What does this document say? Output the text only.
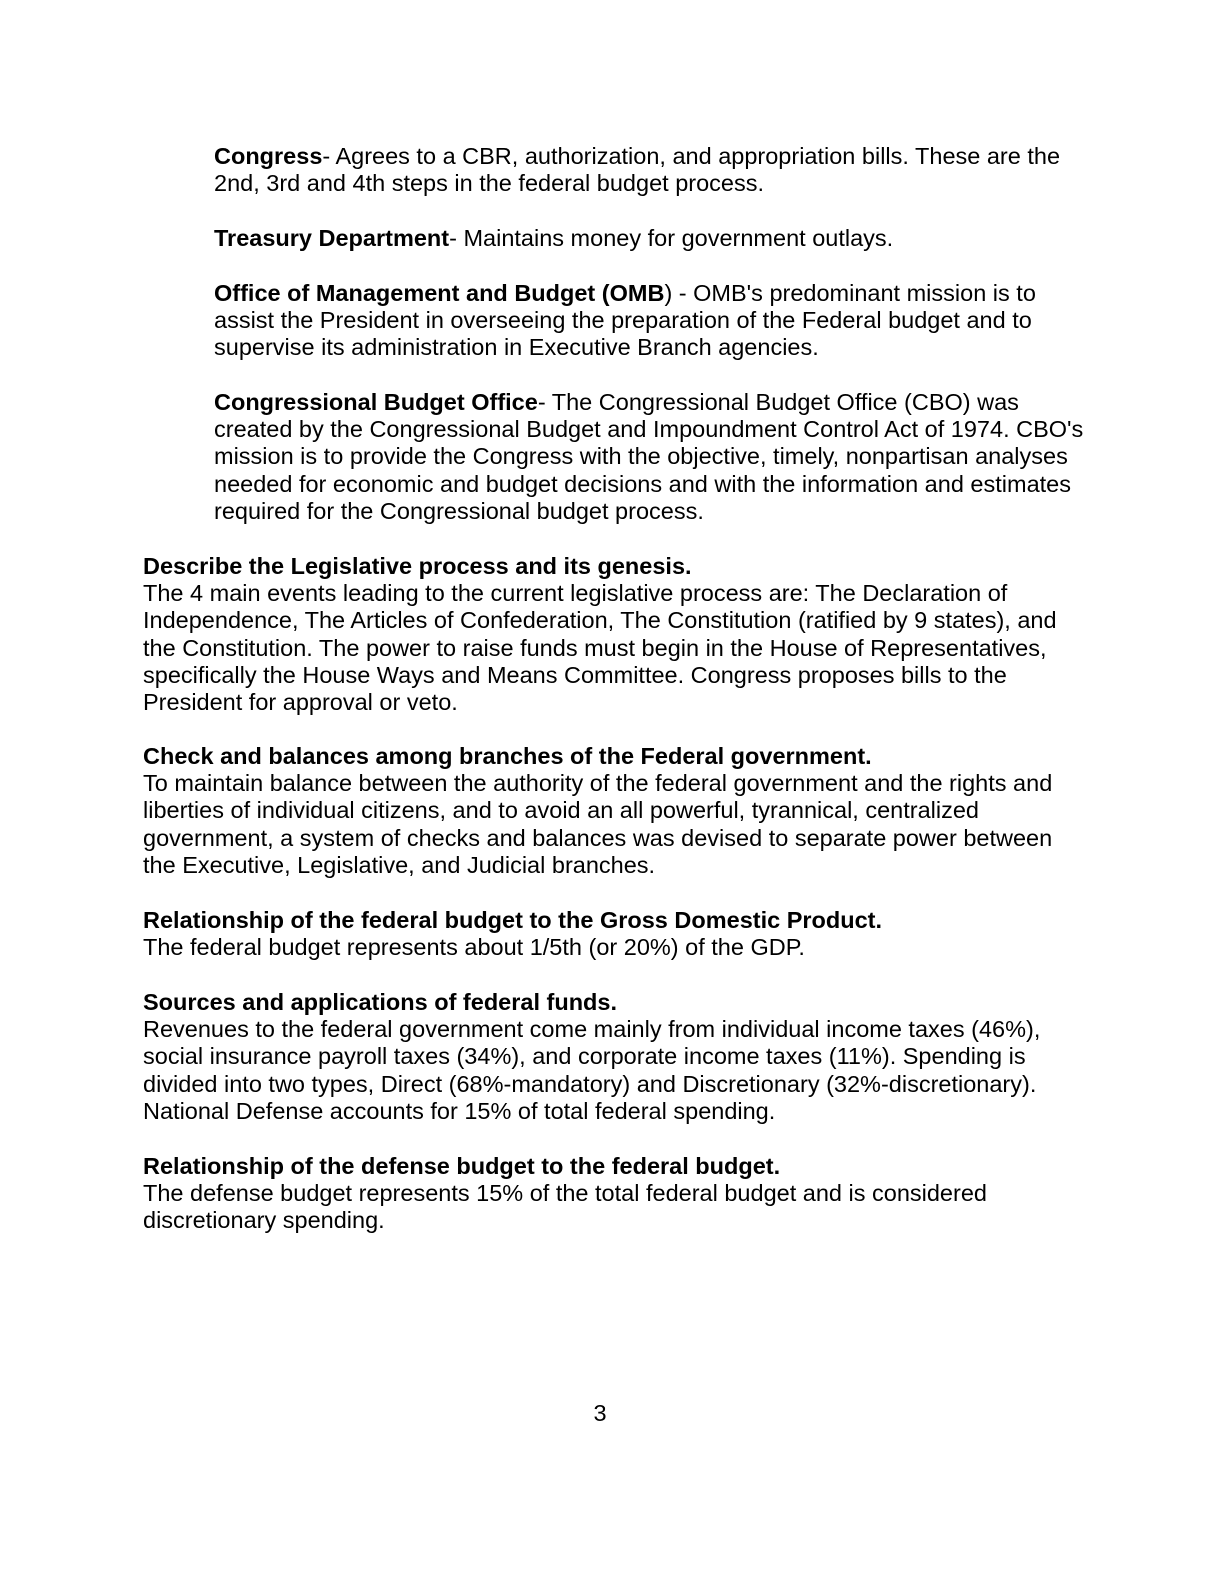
Congress- Agrees to a CBR, authorization, and appropriation bills. These are the 2nd, 3rd and 4th steps in the federal budget process.

Treasury Department- Maintains money for government outlays.

Office of Management and Budget (OMB) - OMB's predominant mission is to assist the President in overseeing the preparation of the Federal budget and to supervise its administration in Executive Branch agencies.

Congressional Budget Office- The Congressional Budget Office (CBO) was created by the Congressional Budget and Impoundment Control Act of 1974. CBO's mission is to provide the Congress with the objective, timely, nonpartisan analyses needed for economic and budget decisions and with the information and estimates required for the Congressional budget process.

Describe the Legislative process and its genesis.
The 4 main events leading to the current legislative process are: The Declaration of Independence, The Articles of Confederation, The Constitution (ratified by 9 states), and the Constitution. The power to raise funds must begin in the House of Representatives, specifically the House Ways and Means Committee. Congress proposes bills to the President for approval or veto.
Check and balances among branches of the Federal government.
To maintain balance between the authority of the federal government and the rights and liberties of individual citizens, and to avoid an all powerful, tyrannical, centralized government, a system of checks and balances was devised to separate power between the Executive, Legislative, and Judicial branches.
Relationship of the federal budget to the Gross Domestic Product.
The federal budget represents about 1/5th (or 20%) of the GDP.
Sources and applications of federal funds.
Revenues to the federal government come mainly from individual income taxes (46%), social insurance payroll taxes (34%), and corporate income taxes (11%). Spending is divided into two types, Direct (68%-mandatory) and Discretionary (32%-discretionary). National Defense accounts for 15% of total federal spending.
Relationship of the defense budget to the federal budget.
The defense budget represents 15% of the total federal budget and is considered discretionary spending.

3
